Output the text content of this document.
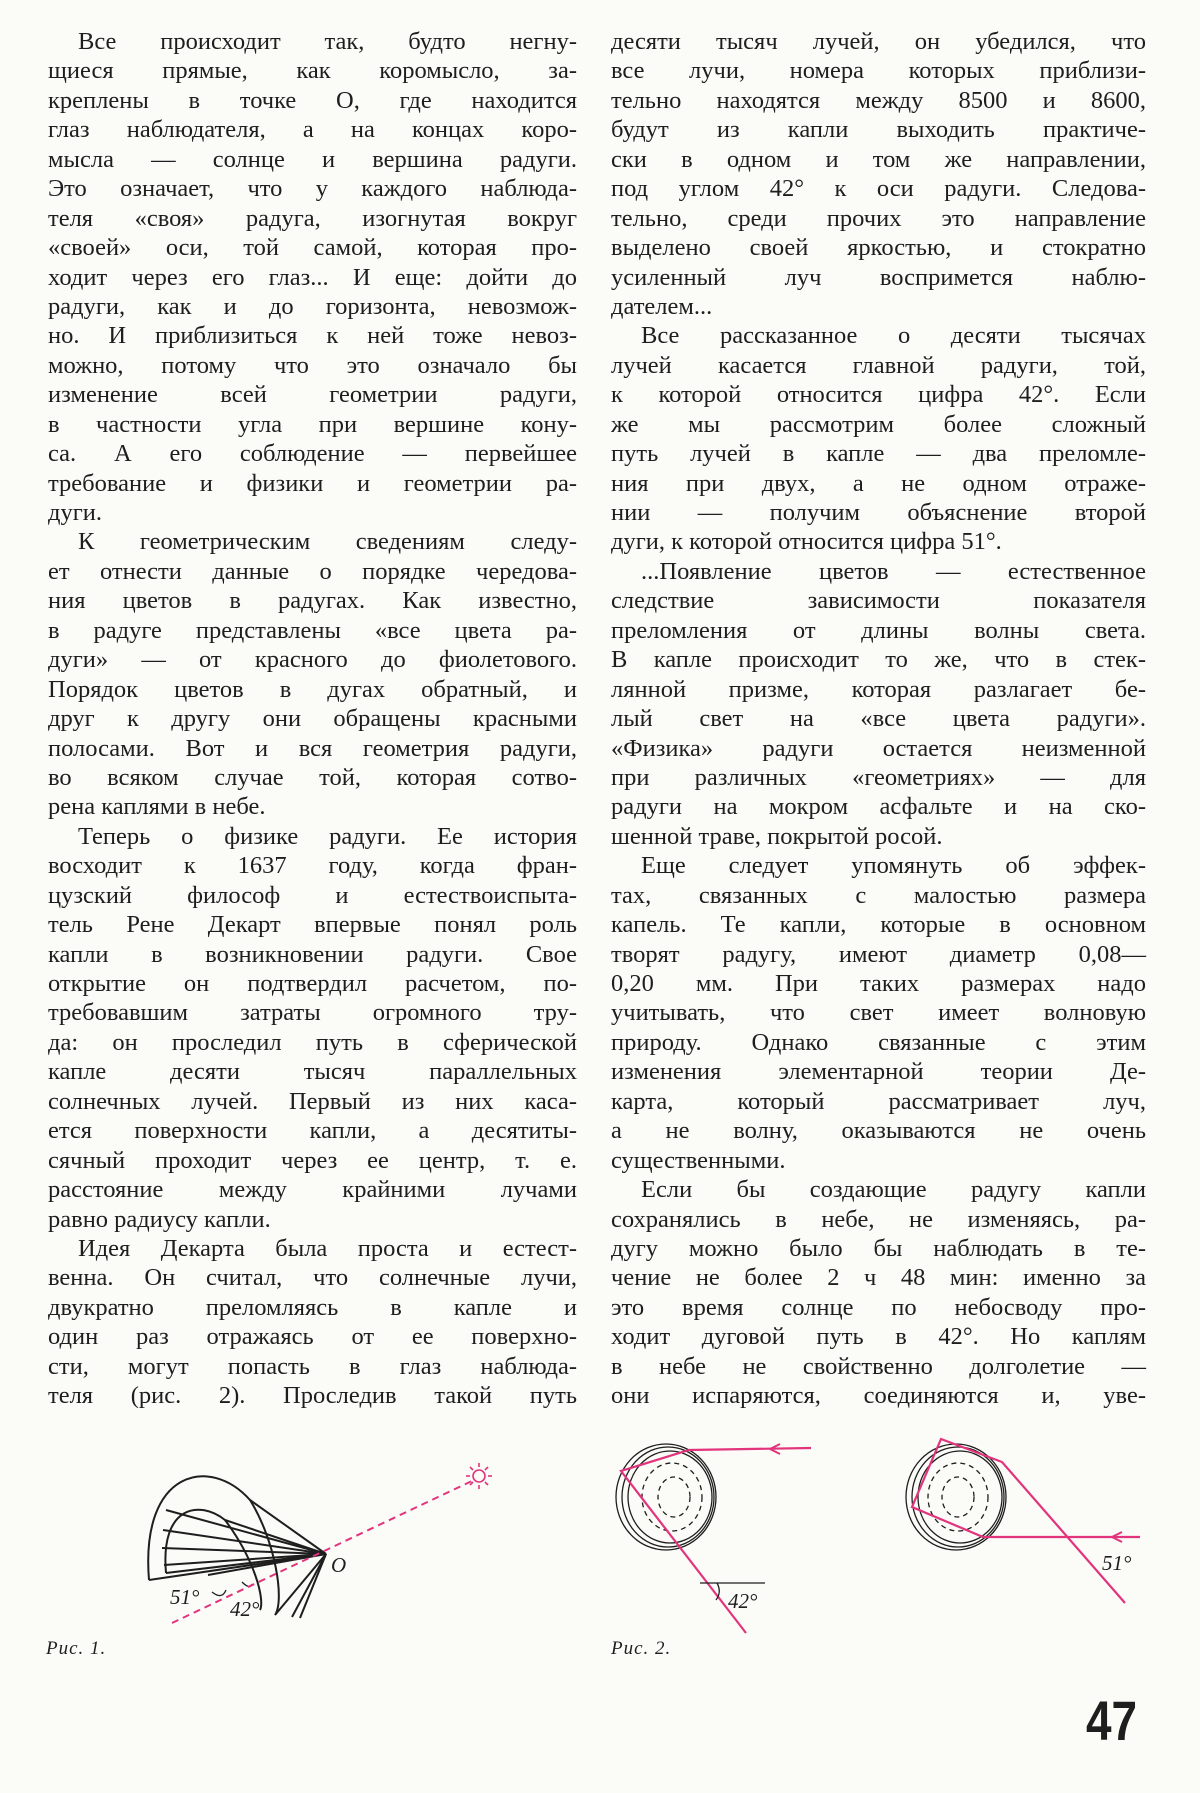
Все происходит так, будто негну-
щиеся прямые, как коромысло, за-
креплены в точке О, где находится
глаз наблюдателя, а на концах коро-
мысла — солнце и вершина радуги.
Это означает, что у каждого наблюда-
теля «своя» радуга, изогнутая вокруг
«своей» оси, той самой, которая про-
ходит через его глаз... И еще: дойти до
радуги, как и до горизонта, невозмож-
но. И приблизиться к ней тоже невоз-
можно, потому что это означало бы
изменение всей геометрии радуги,
в частности угла при вершине кону-
са. А его соблюдение — первейшее
требование и физики и геометрии ра-
дуги.
К геометрическим сведениям следу-
ет отнести данные о порядке чередова-
ния цветов в радугах. Как известно,
в радуге представлены «все цвета ра-
дуги» — от красного до фиолетового.
Порядок цветов в дугах обратный, и
друг к другу они обращены красными
полосами. Вот и вся геометрия радуги,
во всяком случае той, которая сотво-
рена каплями в небе.
Теперь о физике радуги. Ее история
восходит к 1637 году, когда фран-
цузский философ и естествоиспыта-
тель Рене Декарт впервые понял роль
капли в возникновении радуги. Свое
открытие он подтвердил расчетом, по-
требовавшим затраты огромного тру-
да: он проследил путь в сферической
капле десяти тысяч параллельных
солнечных лучей. Первый из них каса-
ется поверхности капли, а десятиты-
сячный проходит через ее центр, т. е.
расстояние между крайними лучами
равно радиусу капли.
Идея Декарта была проста и естест-
венна. Он считал, что солнечные лучи,
двукратно преломляясь в капле и
один раз отражаясь от ее поверхно-
сти, могут попасть в глаз наблюда-
теля (рис. 2). Проследив такой путь
десяти тысяч лучей, он убедился, что
все лучи, номера которых приблизи-
тельно находятся между 8500 и 8600,
будут из капли выходить практиче-
ски в одном и том же направлении,
под углом 42° к оси радуги. Следова-
тельно, среди прочих это направление
выделено своей яркостью, и стократно
усиленный луч воспримется наблю-
дателем...
Все рассказанное о десяти тысячах
лучей касается главной радуги, той,
к которой относится цифра 42°. Если
же мы рассмотрим более сложный
путь лучей в капле — два преломле-
ния при двух, а не одном отраже-
нии — получим объяснение второй
дуги, к которой относится цифра 51°.
...Появление цветов — естественное
следствие зависимости показателя
преломления от длины волны света.
В капле происходит то же, что в стек-
лянной призме, которая разлагает бе-
лый свет на «все цвета радуги».
«Физика» радуги остается неизменной
при различных «геометриях» — для
радуги на мокром асфальте и на ско-
шенной траве, покрытой росой.
Еще следует упомянуть об эффек-
тах, связанных с малостью размера
капель. Те капли, которые в основном
творят радугу, имеют диаметр 0,08—
0,20 мм. При таких размерах надо
учитывать, что свет имеет волновую
природу. Однако связанные с этим
изменения элементарной теории Де-
карта, который рассматривает луч,
а не волну, оказываются не очень
существенными.
Если бы создающие радугу капли
сохранялись в небе, не изменяясь, ра-
дугу можно было бы наблюдать в те-
чение не более 2 ч 48 мин: именно за
это время солнце по небосводу про-
ходит дуговой путь в 42°. Но каплям
в небе не свойственно долголетие —
они испаряются, соединяются и, уве-
O
51° 42°	42°
51°
Рис. 1.	Рис. 2.
47
